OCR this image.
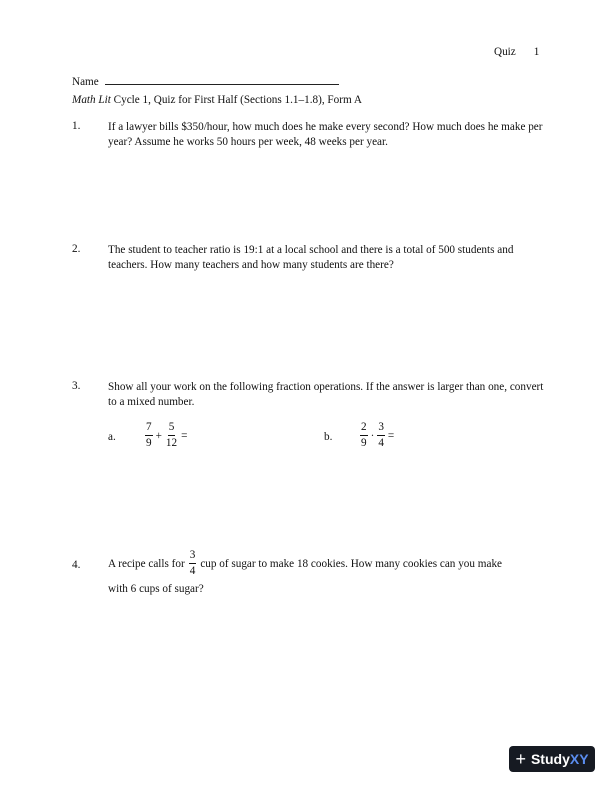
Quiz 1
Name
Math Lit Cycle 1, Quiz for First Half (Sections 1.1–1.8), Form A
1. If a lawyer bills $350/hour, how much does he make every second? How much does he make per year? Assume he works 50 hours per week, 48 weeks per year.
2. The student to teacher ratio is 19:1 at a local school and there is a total of 500 students and teachers. How many teachers and how many students are there?
3. Show all your work on the following fraction operations. If the answer is larger than one, convert to a mixed number.
a.	$\frac{7}{9} + \frac{5}{12}$ =	b. $\frac{2}{9} \cdot \frac{3}{4}$ =
4. A recipe calls for $\frac{3}{4}$ cup of sugar to make 18 cookies. How many cookies can you make
with 6 cups of sugar?
+ StudyXY
